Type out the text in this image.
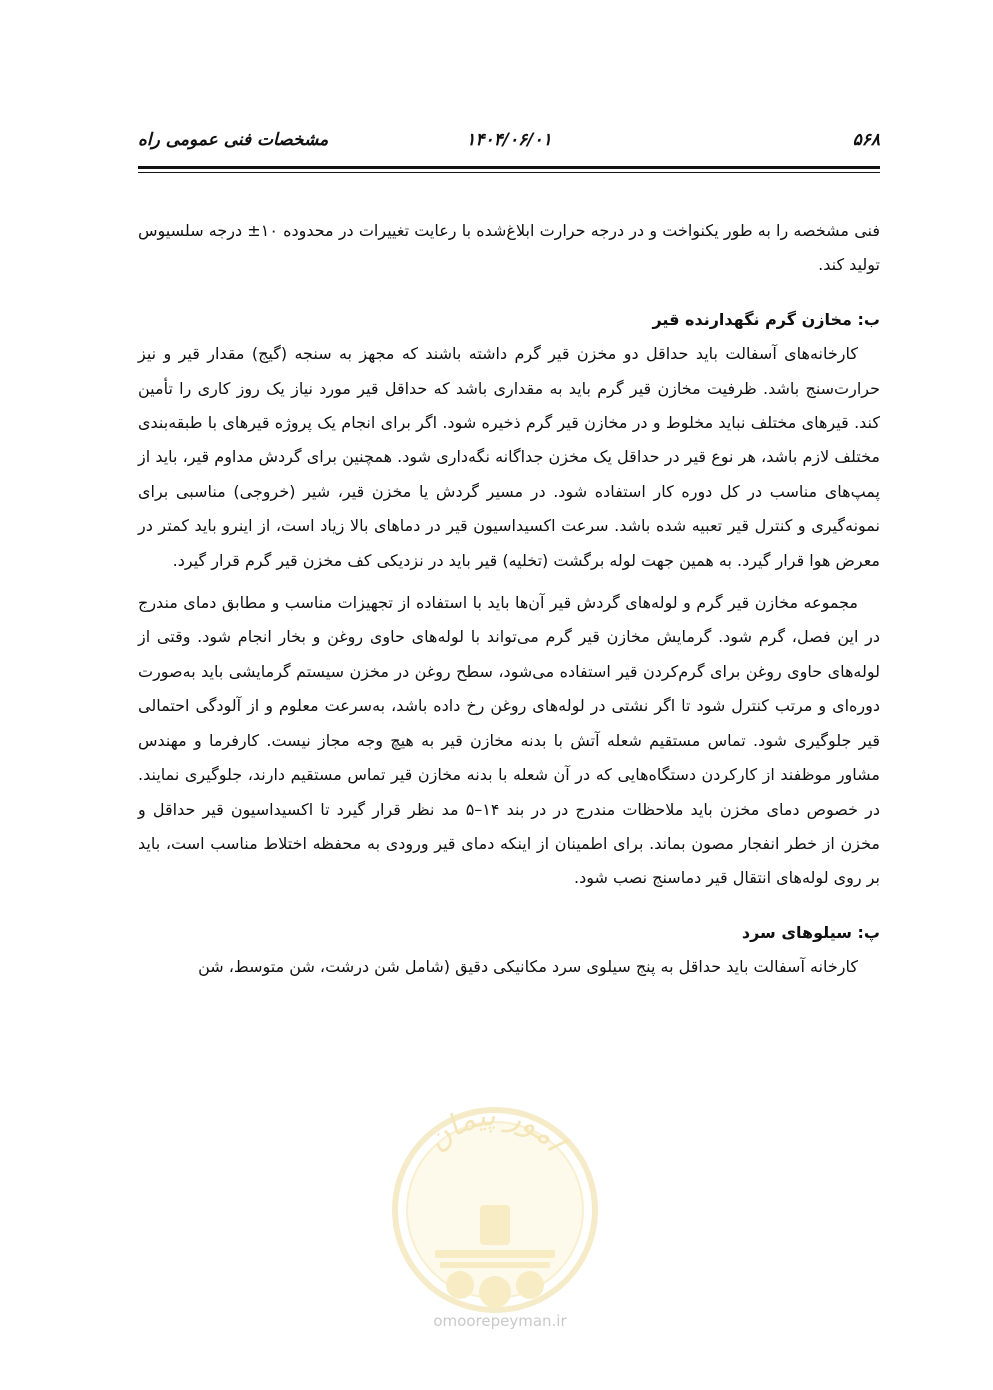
۵۶۸
۱۴۰۴/۰۶/۰۱
مشخصات فنی عمومی راه

فنی مشخصه را به طور یکنواخت و در درجه حرارت ابلاغ‌شده با رعایت تغییرات در محدوده ۱۰± درجه سلسیوس تولید کند.

ب: مخازن گرم نگهدارنده قیر

کارخانه‌های آسفالت باید حداقل دو مخزن قیر گرم داشته باشند که مجهز به سنجه (گیج) مقدار قیر و نیز حرارت‌سنج باشد. ظرفیت مخازن قیر گرم باید به مقداری باشد که حداقل قیر مورد نیاز یک روز کاری را تأمین کند. قیرهای مختلف نباید مخلوط و در مخازن قیر گرم ذخیره شود. اگر برای انجام یک پروژه قیرهای با طبقه‌بندی مختلف لازم باشد، هر نوع قیر در حداقل یک مخزن جداگانه نگه‌داری شود. همچنین برای گردش مداوم قیر، باید از پمپ‌های مناسب در کل دوره کار استفاده شود. در مسیر گردش یا مخزن قیر، شیر (خروجی) مناسبی برای نمونه‌گیری و کنترل قیر تعبیه شده باشد. سرعت اکسیداسیون قیر در دماهای بالا زیاد است، از اینرو باید کمتر در معرض هوا قرار گیرد. به همین جهت لوله برگشت (تخلیه) قیر باید در نزدیکی کف مخزن قیر گرم قرار گیرد.

مجموعه مخازن قیر گرم و لوله‌های گردش قیر آن‌ها باید با استفاده از تجهیزات مناسب و مطابق دمای مندرج در این فصل، گرم شود. گرمایش مخازن قیر گرم می‌تواند با لوله‌های حاوی روغن و بخار انجام شود. وقتی از لوله‌های حاوی روغن برای گرم‌کردن قیر استفاده می‌شود، سطح روغن در مخزن سیستم گرمایشی باید به‌صورت دوره‌ای و مرتب کنترل شود تا اگر نشتی در لوله‌های روغن رخ داده باشد، به‌سرعت معلوم و از آلودگی احتمالی قیر جلوگیری شود. تماس مستقیم شعله آتش با بدنه مخازن قیر به هیچ وجه مجاز نیست. کارفرما و مهندس مشاور موظفند از کارکردن دستگاه‌هایی که در آن شعله با بدنه مخازن قیر تماس مستقیم دارند، جلوگیری نمایند. در خصوص دمای مخزن باید ملاحظات مندرج در در بند ۱۴–۵ مد نظر قرار گیرد تا اکسیداسیون قیر حداقل و مخزن از خطر انفجار مصون بماند. برای اطمینان از اینکه دمای قیر ورودی به محفظه اختلاط مناسب است، باید بر روی لوله‌های انتقال قیر دماسنج نصب شود.

پ: سیلوهای سرد

کارخانه آسفالت باید حداقل به پنج سیلوی سرد مکانیکی دقیق (شامل شن درشت، شن متوسط، شن

امور پیمان
omoorepeyman.ir
